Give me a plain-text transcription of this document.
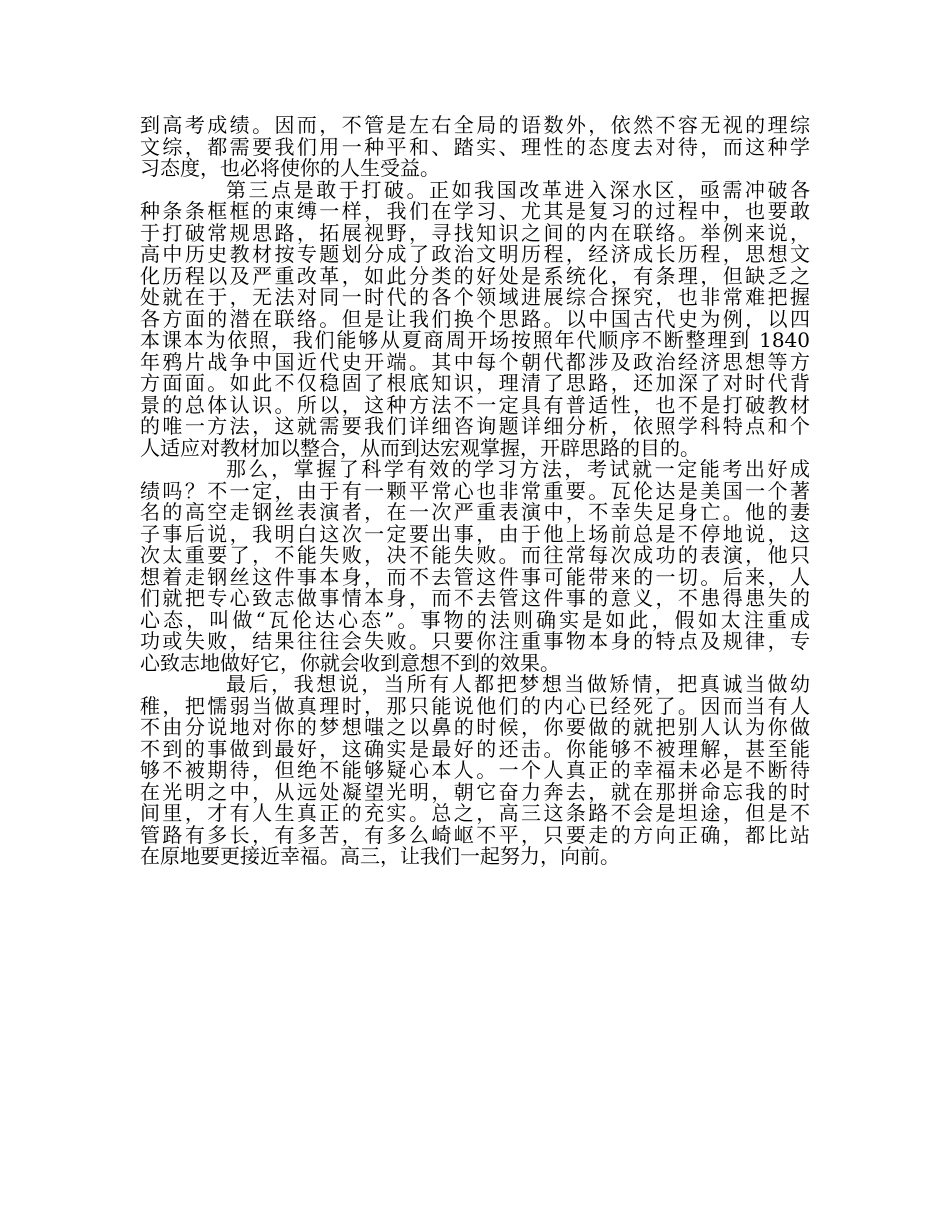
到高考成绩。因而，不管是左右全局的语数外，依然不容无视的理综
文综，都需要我们用一种平和、踏实、理性的态度去对待，而这种学
习态度，也必将使你的人生受益。
第三点是敢于打破。正如我国改革进入深水区，亟需冲破各
种条条框框的束缚一样，我们在学习、尤其是复习的过程中，也要敢
于打破常规思路，拓展视野，寻找知识之间的内在联络。举例来说，
高中历史教材按专题划分成了政治文明历程，经济成长历程，思想文
化历程以及严重改革，如此分类的好处是系统化，有条理，但缺乏之
处就在于，无法对同一时代的各个领域进展综合探究，也非常难把握
各方面的潜在联络。但是让我们换个思路。以中国古代史为例，以四
本课本为依照，我们能够从夏商周开场按照年代顺序不断整理到 1840
年鸦片战争中国近代史开端。其中每个朝代都涉及政治经济思想等方
方面面。如此不仅稳固了根底知识，理清了思路，还加深了对时代背
景的总体认识。所以，这种方法不一定具有普适性，也不是打破教材
的唯一方法，这就需要我们详细咨询题详细分析，依照学科特点和个
人适应对教材加以整合，从而到达宏观掌握，开辟思路的目的。
那么，掌握了科学有效的学习方法，考试就一定能考出好成
绩吗？不一定，由于有一颗平常心也非常重要。瓦伦达是美国一个著
名的高空走钢丝表演者，在一次严重表演中，不幸失足身亡。他的妻
子事后说，我明白这次一定要出事，由于他上场前总是不停地说，这
次太重要了，不能失败，决不能失败。而往常每次成功的表演，他只
想着走钢丝这件事本身，而不去管这件事可能带来的一切。后来，人
们就把专心致志做事情本身，而不去管这件事的意义，不患得患失的
心态，叫做“瓦伦达心态”。事物的法则确实是如此，假如太注重成
功或失败，结果往往会失败。只要你注重事物本身的特点及规律，专
心致志地做好它，你就会收到意想不到的效果。
最后，我想说，当所有人都把梦想当做矫情，把真诚当做幼
稚，把懦弱当做真理时，那只能说他们的内心已经死了。因而当有人
不由分说地对你的梦想嗤之以鼻的时候，你要做的就把别人认为你做
不到的事做到最好，这确实是最好的还击。你能够不被理解，甚至能
够不被期待，但绝不能够疑心本人。一个人真正的幸福未必是不断待
在光明之中，从远处凝望光明，朝它奋力奔去，就在那拼命忘我的时
间里，才有人生真正的充实。总之，高三这条路不会是坦途，但是不
管路有多长，有多苦，有多么崎岖不平，只要走的方向正确，都比站
在原地要更接近幸福。高三，让我们一起努力，向前。
